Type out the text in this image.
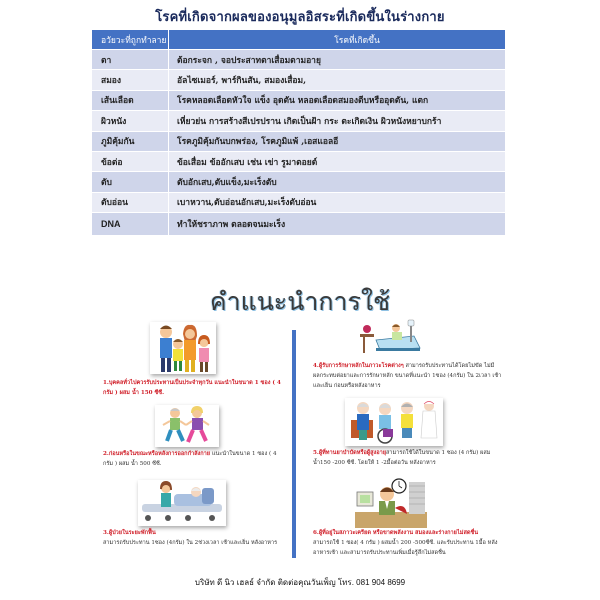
โรคที่เกิดจากผลของอนุมูลอิสระที่เกิดขึ้นในร่างกาย
อวัยวะที่ถูกทำลาย	โรคที่เกิดขึ้น
ตา	ต้อกระจก , จอประสาทตาเสื่อมตามอายุ
สมอง	อัลไซเมอร์, พาร์กินสัน, สมองเสื่อม,
เส้นเลือด	โรคหลอดเลือดหัวใจ แข็ง อุดตัน หลอดเลือดสมองตีบหรืออุดตัน, แตก
ผิวหนัง	เหี่ยวย่น การสร้างสีเปรปราน เกิดเป็นฝ้า กระ ตะเกิดเงิน ผิวหนังหยาบกร้า
ภูมิคุ้มกัน	โรคภูมิคุ้มกันบกพร่อง, โรคภูมิแพ้ ,เอสแอลอี
ข้อต่อ	ข้อเสื่อม ข้ออักเสบ เช่น เข่า รูมาตอยด์
ตับ	ตับอักเสบ,ตับแข็ง,มะเร็งตับ
ตับอ่อน	เบาหวาน,ตับอ่อนอักเสบ,มะเร็งตับอ่อน
DNA	ทำให้ชราภาพ ตลอดจนมะเร็ง
คำแนะนำการใช้
1.บุคคลทั่วไปควรรับประทานเป็นประจำทุกวัน แนะนำในขนาด 1 ซอง ( 4 กรัม ) ผสม น้ำ 150 ซีซี.
2.ก่อนหรือในขณะหรือหลังการออกกำลังกาย แนะนำในขนาด 1 ซอง ( 4 กรัม ) ผสม น้ำ 500 ซีซี.
3.ผู้ป่วยในระยะพักฟื้น
สามารถรับประทาน 1ซอง (4กรัม) ใน 2ช่วงเวลา เช้าและเย็น หลังอาหาร
4.ผู้รับการรักษาหลักในภาวะโรคต่างๆ สามารถรับประทานได้โดยไม่ขัด ไม่มีผลกระทบต่อยาและการรักษาหลัก ขนาดที่แนะนำ 1ซอง (4กรัม) ใน 2เวลา เช้าและเย็น ก่อนหรือหลังอาหาร
5.ผู้ที่ทานยาบำบัดหรือผู้สูงอายุสามารถใช้ได้ในขนาด 1 ซอง (4 กรัม) ผสมน้ำ150 -200 ซีซี. โดยให้ 1 -2มื้อต่อวัน หลังอาหาร
6.ผู้ที่อยู่ในสภาวะเครียด หรือขาดพลังงาน สมองและร่างกายไม่สดชื่น
สามารถใช้ 1 ซอง( 4 กรัม ) ผสมน้ำ 200 -500ซีซี. และรับประทาน 1มื้อ หลังอาหารเช้า และสามารถรับประทานเพิ่มเมื่อรู้สึกไม่สดชื่น
บริษัท ดี นิว เฮลธ์ จำกัด ติดต่อคุณวันเพ็ญ โทร. 081 904 8699
